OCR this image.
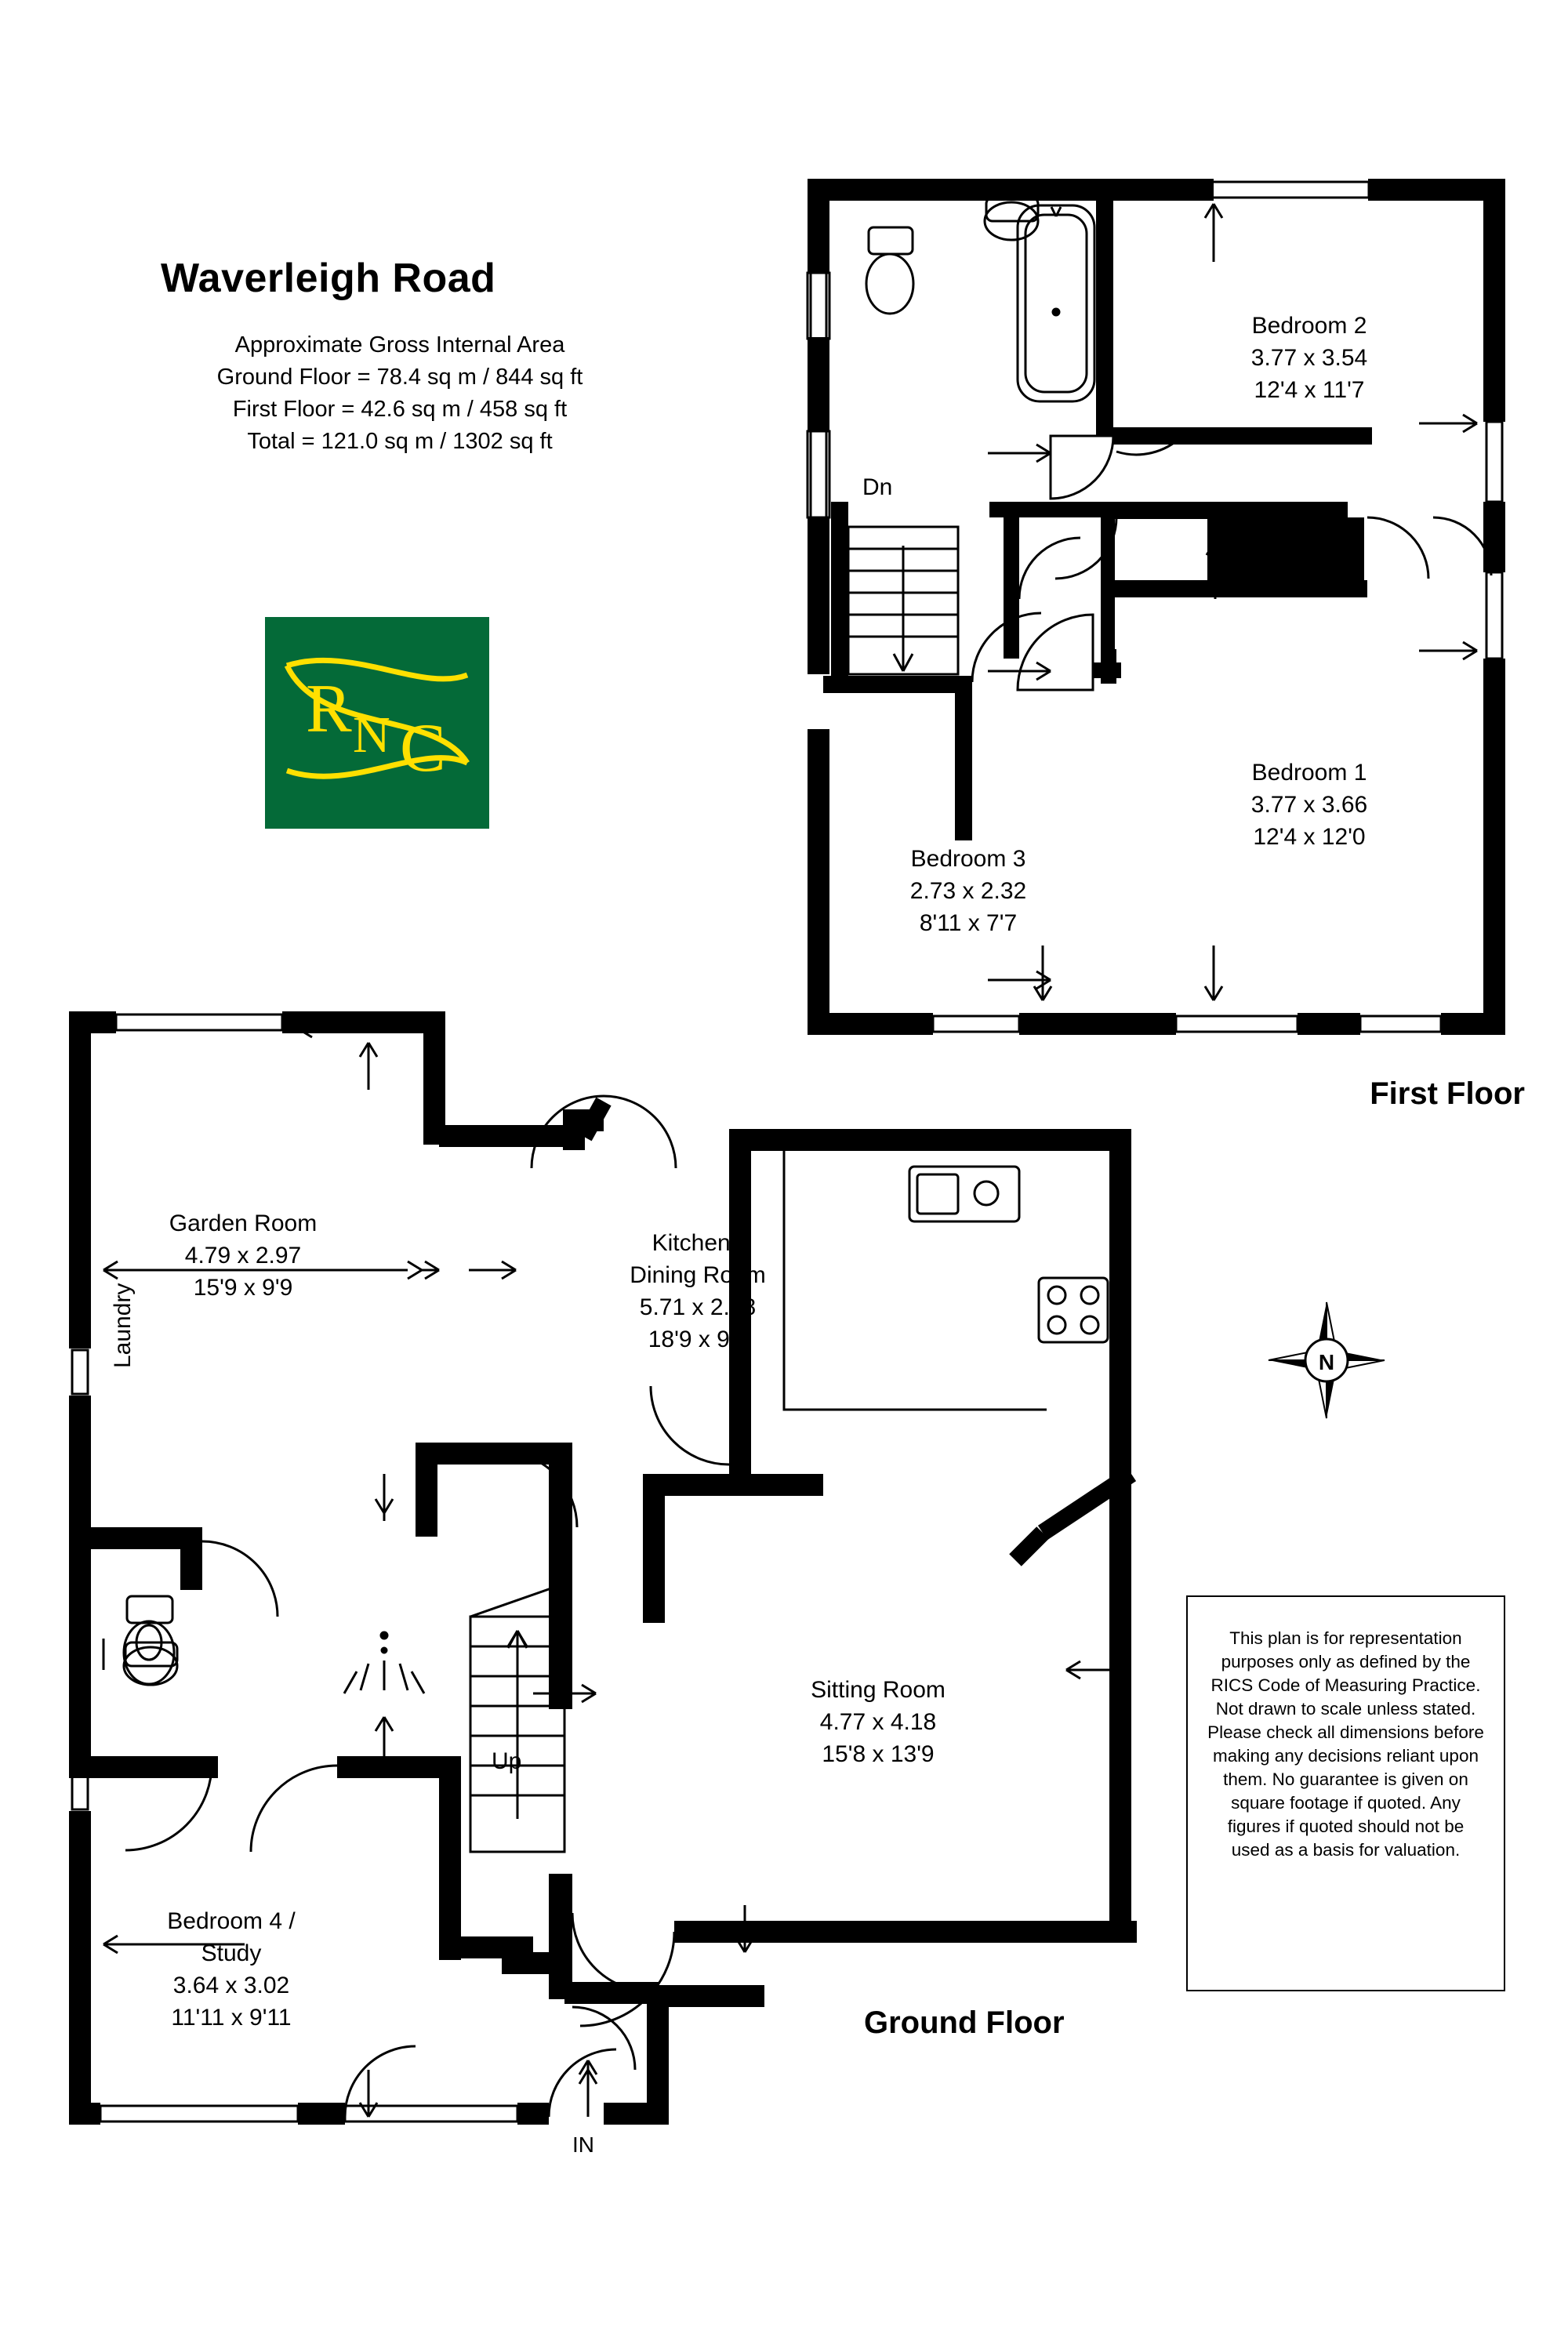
Waverleigh Road
Approximate Gross Internal Area
Ground Floor = 78.4 sq m / 844 sq ft
First Floor = 42.6 sq m / 458 sq ft
Total = 121.0 sq m / 1302 sq ft
R N C
Bedroom 2
3.77 x 3.54
12'4 x 11'7
Bedroom 1
3.77 x 3.66
12'4 x 12'0
Bedroom 3
2.73 x 2.32
8'11 x 7'7
Dn
First Floor
Garden Room
4.79 x 2.97
15'9 x 9'9
Kitchen /
Dining Room
5.71 x 2.88
18'9 x 9'5
Sitting Room
4.77 x 4.18
15'8 x 13'9
Bedroom 4 /
Study
3.64 x 3.02
11'11 x 9'11
Laundry
Up
IN
Ground Floor
N
This plan is for representation purposes only as defined by the RICS Code of Measuring Practice. Not drawn to scale unless stated. Please check all dimensions before making any decisions reliant upon them. No guarantee is given on square footage if quoted. Any figures if quoted should not be used as a basis for valuation.
